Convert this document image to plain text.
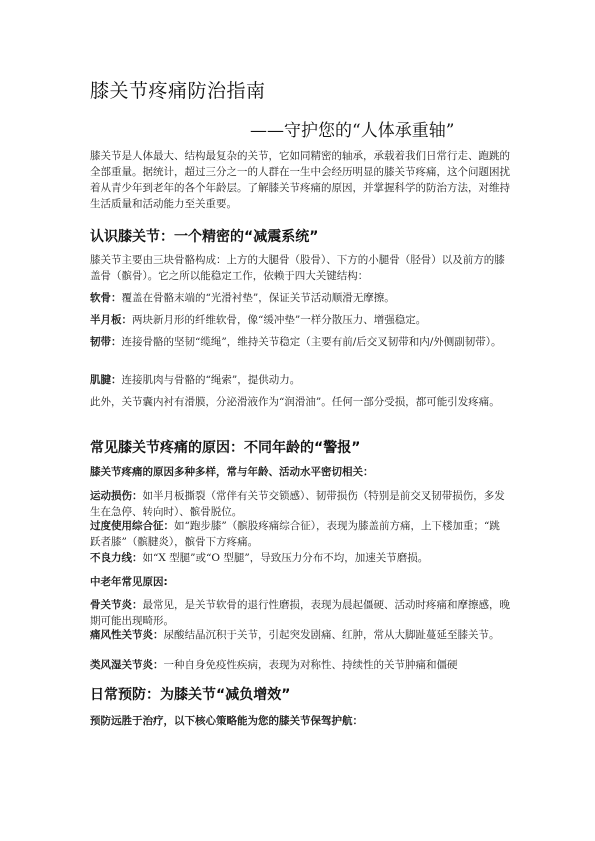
膝关节疼痛防治指南
——守护您的“人体承重轴”
膝关节是人体最大、结构最复杂的关节，它如同精密的轴承，承载着我们日常行走、跑跳的全部重量。据统计，超过三分之一的人群在一生中会经历明显的膝关节疼痛，这个问题困扰着从青少年到老年的各个年龄层。了解膝关节疼痛的原因，并掌握科学的防治方法，对维持生活质量和活动能力至关重要。
认识膝关节：一个精密的“减震系统”
膝关节主要由三块骨骼构成：上方的大腿骨（股骨）、下方的小腿骨（胫骨）以及前方的膝盖骨（髌骨）。它之所以能稳定工作，依赖于四大关键结构：
软骨：覆盖在骨骼末端的“光滑衬垫”，保证关节活动顺滑无摩擦。
半月板：两块新月形的纤维软骨，像“缓冲垫”一样分散压力、增强稳定。
韧带：连接骨骼的坚韧“缆绳”，维持关节稳定（主要有前/后交叉韧带和内/外侧副韧带）。
肌腱：连接肌肉与骨骼的“绳索”，提供动力。
此外，关节囊内衬有滑膜，分泌滑液作为“润滑油”。任何一部分受损，都可能引发疼痛。
常见膝关节疼痛的原因：不同年龄的“警报”
膝关节疼痛的原因多种多样，常与年龄、活动水平密切相关：
运动损伤：如半月板撕裂（常伴有关节交锁感）、韧带损伤（特别是前交叉韧带损伤，多发生在急停、转向时）、髌骨脱位。
过度使用综合征：如“跑步膝”（髌股疼痛综合征），表现为膝盖前方痛，上下楼加重；“跳跃者膝”（髌腱炎），髌骨下方疼痛。
不良力线：如“X 型腿”或“O 型腿”，导致压力分布不均，加速关节磨损。
中老年常见原因:
骨关节炎：最常见，是关节软骨的退行性磨损，表现为晨起僵硬、活动时疼痛和摩擦感，晚期可能出现畸形。
痛风性关节炎：尿酸结晶沉积于关节，引起突发剧痛、红肿，常从大脚趾蔓延至膝关节。
类风湿关节炎：一种自身免疫性疾病，表现为对称性、持续性的关节肿痛和僵硬
日常预防：为膝关节“减负增效”
预防远胜于治疗，以下核心策略能为您的膝关节保驾护航：
